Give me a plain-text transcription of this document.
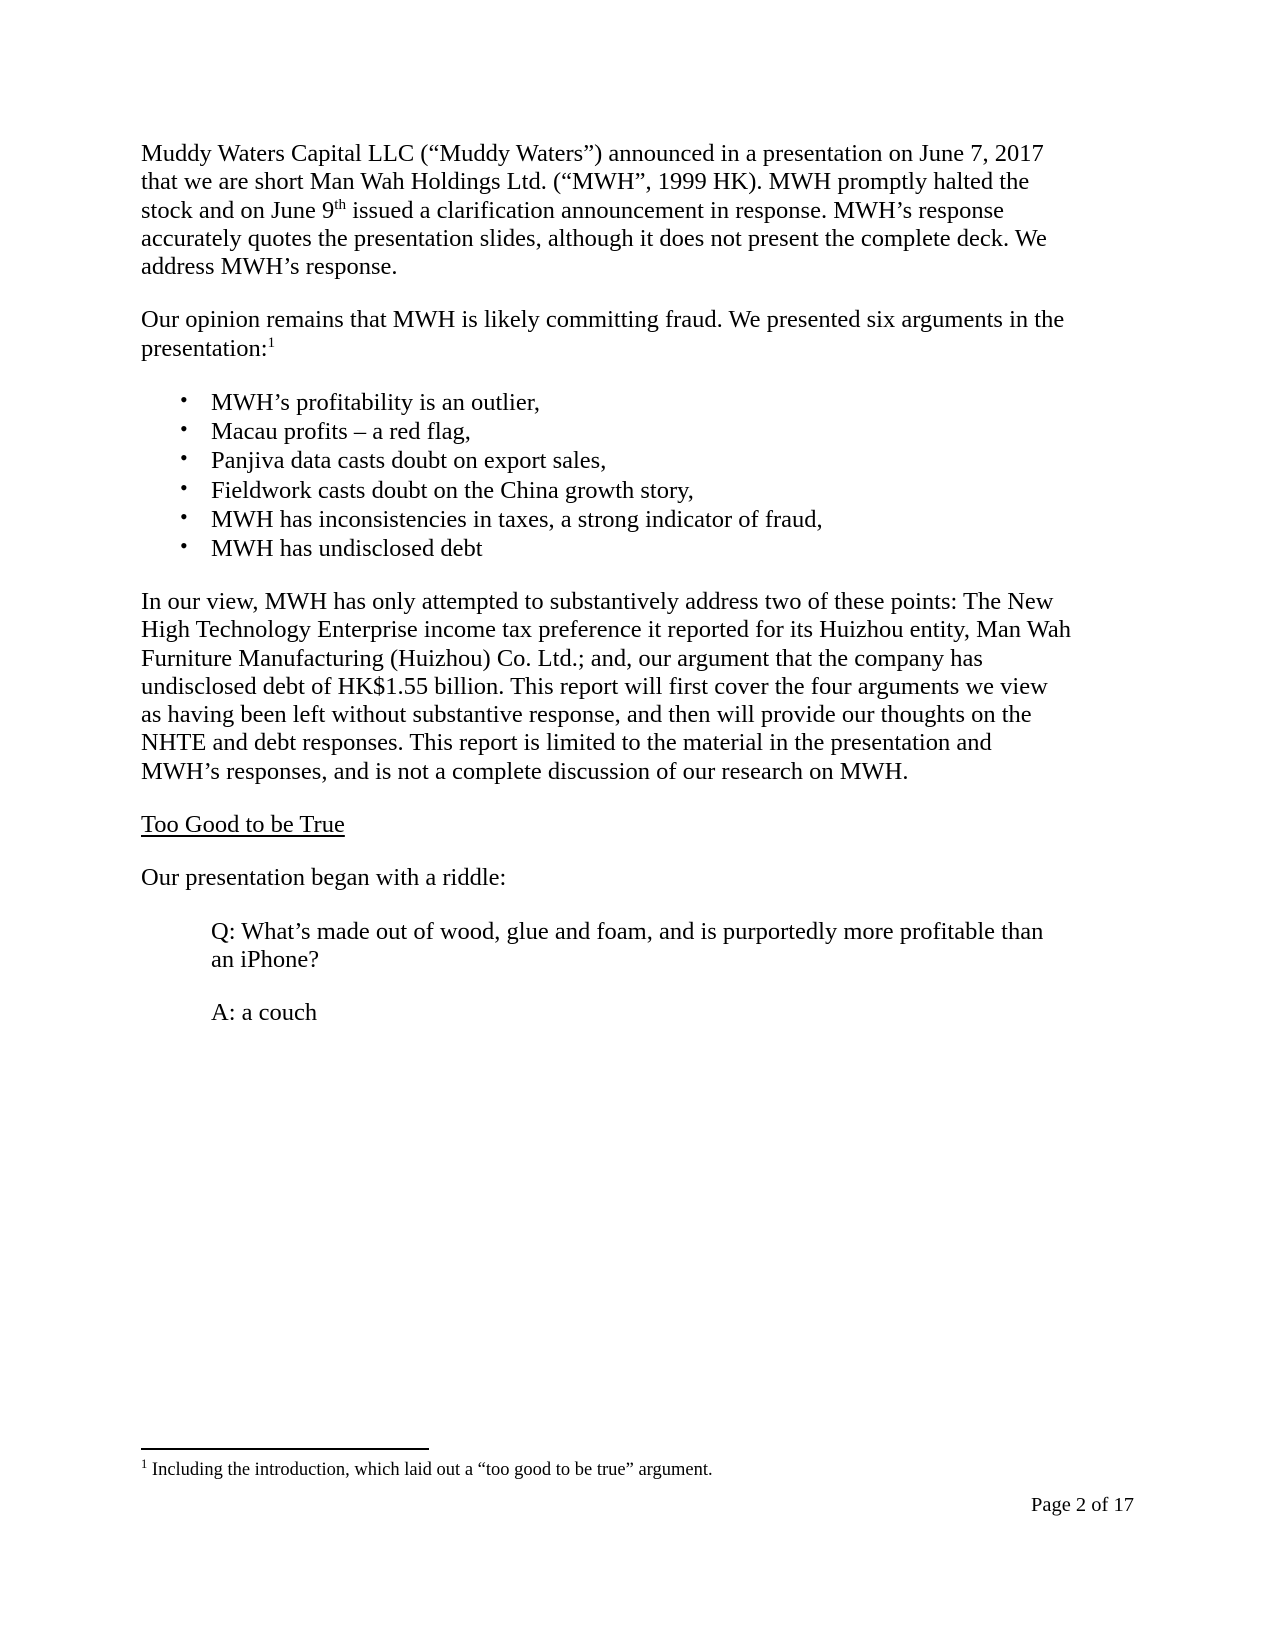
Muddy Waters Capital LLC (“Muddy Waters”) announced in a presentation on June 7, 2017 that we are short Man Wah Holdings Ltd. (“MWH”, 1999 HK). MWH promptly halted the stock and on June 9th issued a clarification announcement in response. MWH’s response accurately quotes the presentation slides, although it does not present the complete deck. We address MWH’s response.

Our opinion remains that MWH is likely committing fraud. We presented six arguments in the presentation:$^1$

• MWH’s profitability is an outlier,
• Macau profits – a red flag,
• Panjiva data casts doubt on export sales,
• Fieldwork casts doubt on the China growth story,
• MWH has inconsistencies in taxes, a strong indicator of fraud,
• MWH has undisclosed debt

In our view, MWH has only attempted to substantively address two of these points: The New High Technology Enterprise income tax preference it reported for its Huizhou entity, Man Wah Furniture Manufacturing (Huizhou) Co. Ltd.; and, our argument that the company has undisclosed debt of HK$1.55 billion. This report will first cover the four arguments we view as having been left without substantive response, and then will provide our thoughts on the NHTE and debt responses. This report is limited to the material in the presentation and MWH’s responses, and is not a complete discussion of our research on MWH.

Too Good to be True

Our presentation began with a riddle:

Q: What’s made out of wood, glue and foam, and is purportedly more profitable than an iPhone?
A: a couch

$^1$ Including the introduction, which laid out a “too good to be true” argument.

Page 2 of 17
